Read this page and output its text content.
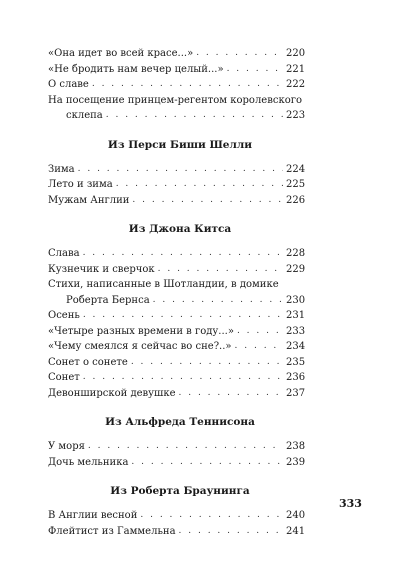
«Она идет во всей красе...» . . .	220
«Не бродить нам вечер целый...» . . .	221
О славе . . .	222
На посещение принцем-регентом королевского
склепа . . .	223
Из Перси Биши Шелли
Зима . . .	224
Лето и зима . . .	225
Мужам Англии . . .	226
Из Джона Китса
Слава . . .	228
Кузнечик и сверчок . . .	229
Стихи, написанные в Шотландии, в домике
Роберта Бернса . . .	230
Осень . . .	231
«Четыре разных времени в году...» . . .	233
«Чему смеялся я сейчас во сне?..» . . .	234
Сонет о сонете . . .	235
Сонет . . .	236
Девонширской девушке . . .	237
Из Альфреда Теннисона
У моря . . .	238
Дочь мельника . . .	239
Из Роберта Браунинга
В Англии весной . . .	240
Флейтист из Гаммельна . . .	241
333
